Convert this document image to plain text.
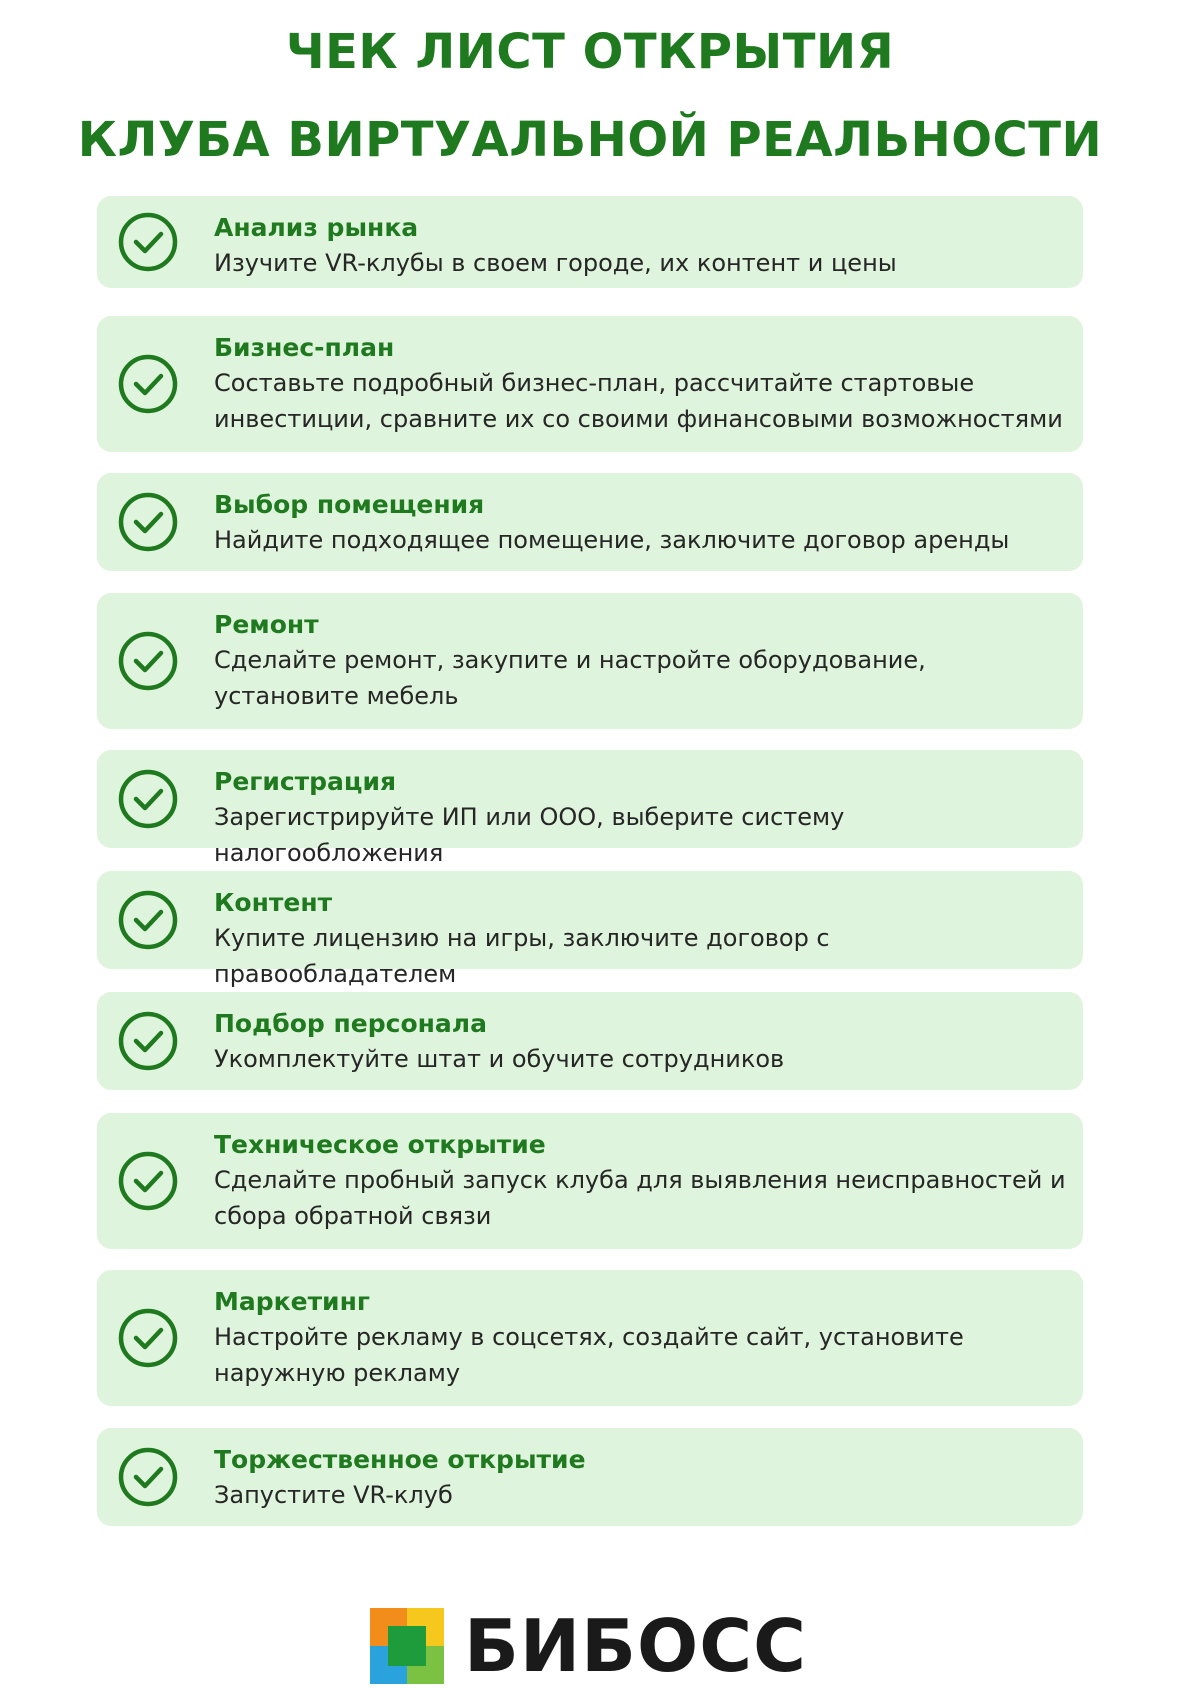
ЧЕК ЛИСТ ОТКРЫТИЯ
КЛУБА ВИРТУАЛЬНОЙ РЕАЛЬНОСТИ
Анализ рынка
Изучите VR-клубы в своем городе, их контент и цены
Бизнес-план
Составьте подробный бизнес-план, рассчитайте стартовые инвестиции, сравните их со своими финансовыми возможностями
Выбор помещения
Найдите подходящее помещение, заключите договор аренды
Ремонт
Сделайте ремонт, закупите и настройте оборудование, установите мебель
Регистрация
Зарегистрируйте ИП или ООО, выберите систему налогообложения
Контент
Купите лицензию на игры, заключите договор с правообладателем
Подбор персонала
Укомплектуйте штат и обучите сотрудников
Техническое открытие
Сделайте пробный запуск клуба для выявления неисправностей и сбора обратной связи
Маркетинг
Настройте рекламу в соцсетях, создайте сайт, установите наружную рекламу
Торжественное открытие
Запустите VR-клуб
БИБОСС
